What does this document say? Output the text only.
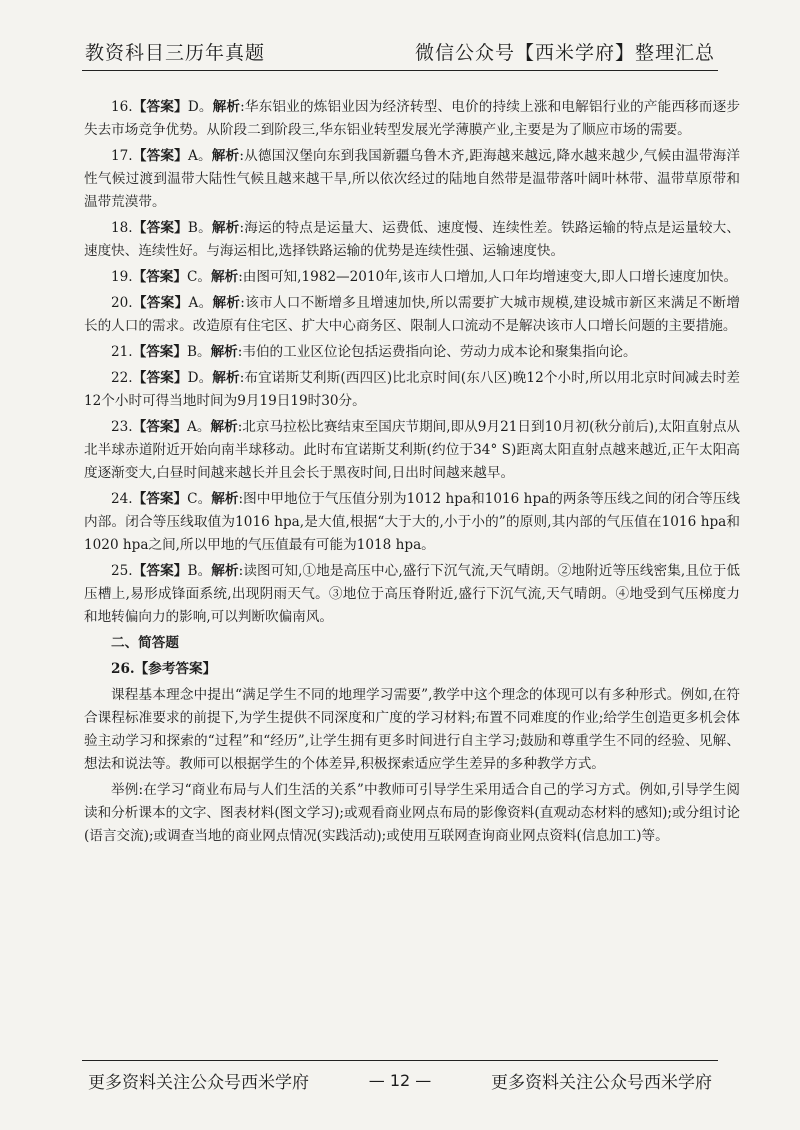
教资科目三历年真题	微信公众号【西米学府】整理汇总

16.【答案】D。解析:华东铝业的炼铝业因为经济转型、电价的持续上涨和电解铝行业的产能西移而逐步失去市场竞争优势。从阶段二到阶段三,华东铝业转型发展光学薄膜产业,主要是为了顺应市场的需要。

17.【答案】A。解析:从德国汉堡向东到我国新疆乌鲁木齐,距海越来越远,降水越来越少,气候由温带海洋性气候过渡到温带大陆性气候且越来越干旱,所以依次经过的陆地自然带是温带落叶阔叶林带、温带草原带和温带荒漠带。

18.【答案】B。解析:海运的特点是运量大、运费低、速度慢、连续性差。铁路运输的特点是运量较大、速度快、连续性好。与海运相比,选择铁路运输的优势是连续性强、运输速度快。

19.【答案】C。解析:由图可知,1982—2010年,该市人口增加,人口年均增速变大,即人口增长速度加快。

20.【答案】A。解析:该市人口不断增多且增速加快,所以需要扩大城市规模,建设城市新区来满足不断增长的人口的需求。改造原有住宅区、扩大中心商务区、限制人口流动不是解决该市人口增长问题的主要措施。

21.【答案】B。解析:韦伯的工业区位论包括运费指向论、劳动力成本论和聚集指向论。

22.【答案】D。解析:布宜诺斯艾利斯(西四区)比北京时间(东八区)晚12个小时,所以用北京时间减去时差12个小时可得当地时间为9月19日19时30分。

23.【答案】A。解析:北京马拉松比赛结束至国庆节期间,即从9月21日到10月初(秋分前后),太阳直射点从北半球赤道附近开始向南半球移动。此时布宜诺斯艾利斯(约位于34° S)距离太阳直射点越来越近,正午太阳高度逐渐变大,白昼时间越来越长并且会长于黑夜时间,日出时间越来越早。

24.【答案】C。解析:图中甲地位于气压值分别为1012 hpa和1016 hpa的两条等压线之间的闭合等压线内部。闭合等压线取值为1016 hpa,是大值,根据“大于大的,小于小的”的原则,其内部的气压值在1016 hpa和1020 hpa之间,所以甲地的气压值最有可能为1018 hpa。

25.【答案】B。解析:读图可知,①地是高压中心,盛行下沉气流,天气晴朗。②地附近等压线密集,且位于低压槽上,易形成锋面系统,出现阴雨天气。③地位于高压脊附近,盛行下沉气流,天气晴朗。④地受到气压梯度力和地转偏向力的影响,可以判断吹偏南风。

二、简答题

26.【参考答案】

课程基本理念中提出“满足学生不同的地理学习需要”,教学中这个理念的体现可以有多种形式。例如,在符合课程标准要求的前提下,为学生提供不同深度和广度的学习材料;布置不同难度的作业;给学生创造更多机会体验主动学习和探索的“过程”和“经历”,让学生拥有更多时间进行自主学习;鼓励和尊重学生不同的经验、见解、想法和说法等。教师可以根据学生的个体差异,积极探索适应学生差异的多种教学方式。

举例:在学习“商业布局与人们生活的关系”中教师可引导学生采用适合自己的学习方式。例如,引导学生阅读和分析课本的文字、图表材料(图文学习);或观看商业网点布局的影像资料(直观动态材料的感知);或分组讨论(语言交流);或调查当地的商业网点情况(实践活动);或使用互联网查询商业网点资料(信息加工)等。

更多资料关注公众号西米学府	— 12 —	更多资料关注公众号西米学府
